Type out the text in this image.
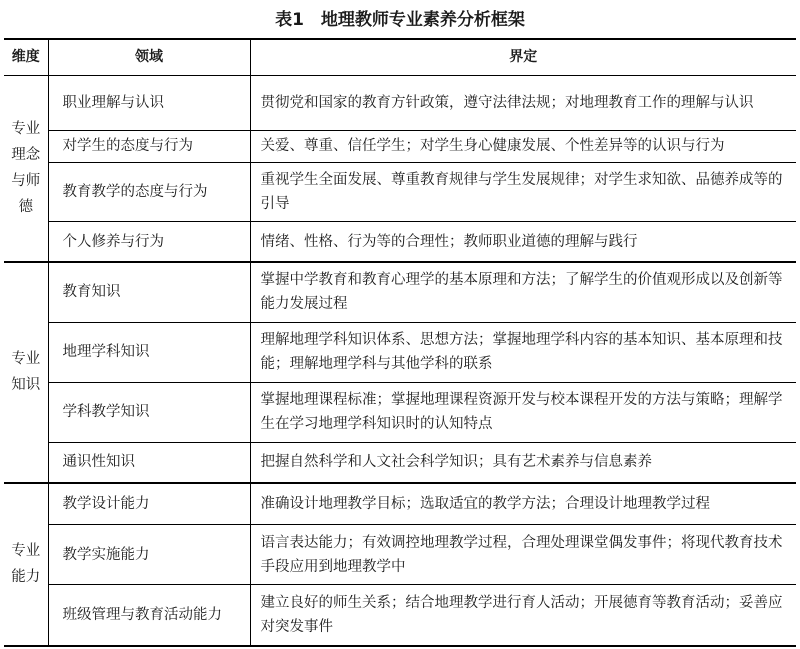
表1　地理教师专业素养分析框架
维度	领域	界定

专业理念与师德	职业理解与认识	贯彻党和国家的教育方针政策，遵守法律法规；对地理教育工作的理解与认识
	对学生的态度与行为	关爱、尊重、信任学生；对学生身心健康发展、个性差异等的认识与行为
	教育教学的态度与行为	重视学生全面发展、尊重教育规律与学生发展规律；对学生求知欲、品德养成等的引导
	个人修养与行为	情绪、性格、行为等的合理性；教师职业道德的理解与践行

专业知识	教育知识	掌握中学教育和教育心理学的基本原理和方法；了解学生的价值观形成以及创新等能力发展过程
	地理学科知识	理解地理学科知识体系、思想方法；掌握地理学科内容的基本知识、基本原理和技能；理解地理学科与其他学科的联系
	学科教学知识	掌握地理课程标准；掌握地理课程资源开发与校本课程开发的方法与策略；理解学生在学习地理学科知识时的认知特点
	通识性知识	把握自然科学和人文社会科学知识；具有艺术素养与信息素养

专业能力	教学设计能力	准确设计地理教学目标；选取适宜的教学方法；合理设计地理教学过程
	教学实施能力	语言表达能力；有效调控地理教学过程，合理处理课堂偶发事件；将现代教育技术手段应用到地理教学中
	班级管理与教育活动能力	建立良好的师生关系；结合地理教学进行育人活动；开展德育等教育活动；妥善应对突发事件
